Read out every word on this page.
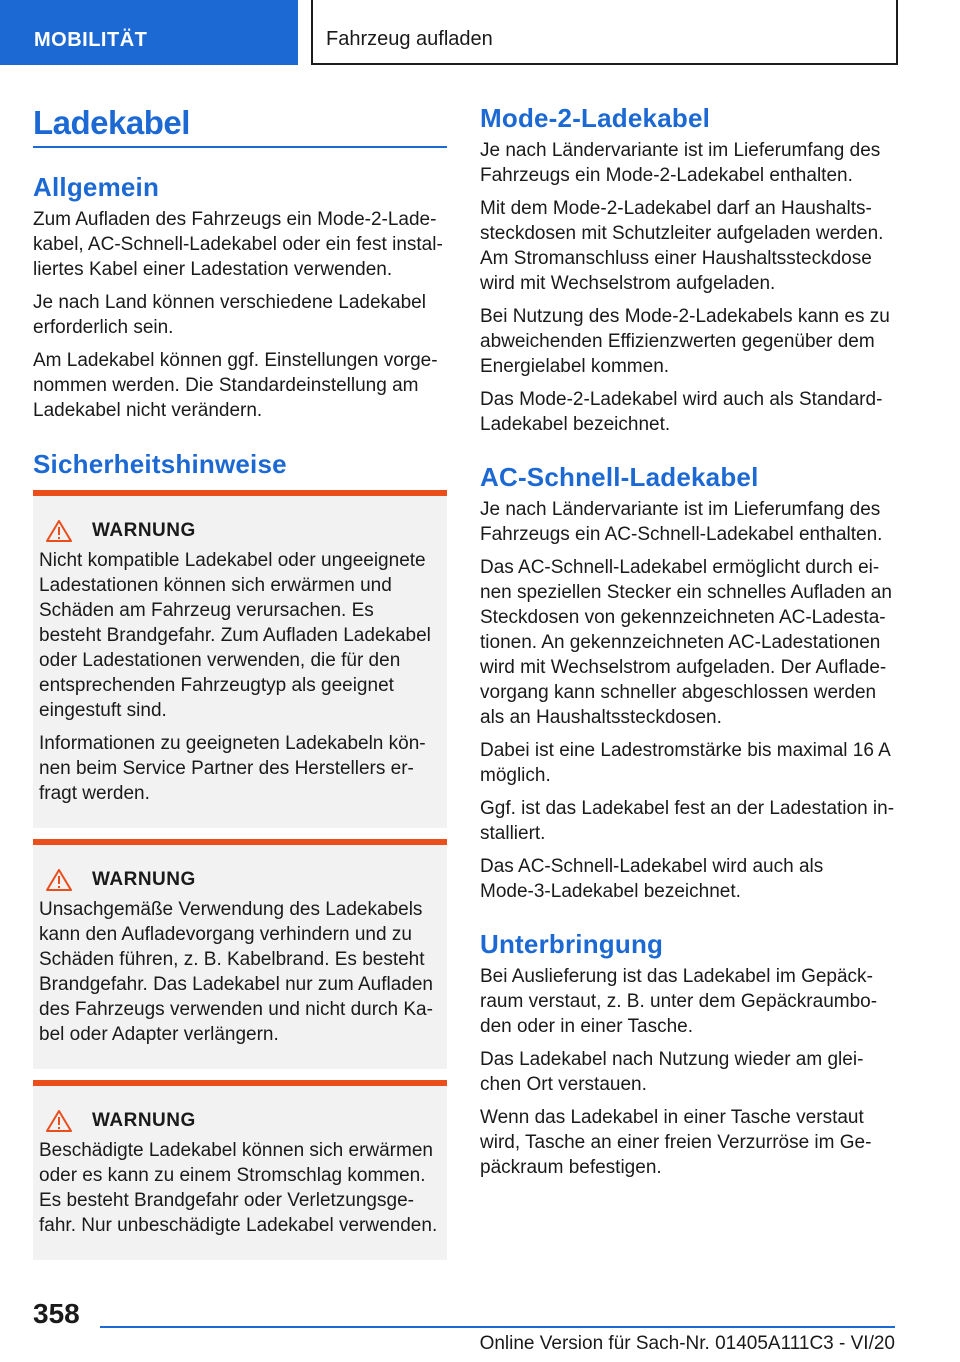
MOBILITÄT	Fahrzeug aufladen
Ladekabel
Allgemein

Zum Aufladen des Fahrzeugs ein Mode‑2‑Ladekabel, AC‑Schnell‑Ladekabel oder ein fest installiertes Kabel einer Ladestation verwenden.

Je nach Land können verschiedene Ladekabel erforderlich sein.

Am Ladekabel können ggf. Einstellungen vorgenommen werden. Die Standardeinstellung am Ladekabel nicht verändern.

Sicherheitshinweise
WARNUNG

Nicht kompatible Ladekabel oder ungeeignete Ladestationen können sich erwärmen und Schäden am Fahrzeug verursachen. Es besteht Brandgefahr. Zum Aufladen Ladekabel oder Ladestationen verwenden, die für den entsprechenden Fahrzeugtyp als geeignet eingestuft sind.

Informationen zu geeigneten Ladekabeln können beim Service Partner des Herstellers erfragt werden.

WARNUNG

Unsachgemäße Verwendung des Ladekabels kann den Aufladevorgang verhindern und zu Schäden führen, z. B. Kabelbrand. Es besteht Brandgefahr. Das Ladekabel nur zum Aufladen des Fahrzeugs verwenden und nicht durch Kabel oder Adapter verlängern.

WARNUNG

Beschädigte Ladekabel können sich erwärmen oder es kann zu einem Stromschlag kommen. Es besteht Brandgefahr oder Verletzungsgefahr. Nur unbeschädigte Ladekabel verwenden.

Mode‑2‑Ladekabel

Je nach Ländervariante ist im Lieferumfang des Fahrzeugs ein Mode‑2‑Ladekabel enthalten.

Mit dem Mode‑2‑Ladekabel darf an Haushaltssteckdosen mit Schutzleiter aufgeladen werden. Am Stromanschluss einer Haushaltssteckdose wird mit Wechselstrom aufgeladen.

Bei Nutzung des Mode‑2‑Ladekabels kann es zu abweichenden Effizienzwerten gegenüber dem Energielabel kommen.

Das Mode‑2‑Ladekabel wird auch als StandardLadekabel bezeichnet.

AC‑Schnell‑Ladekabel

Je nach Ländervariante ist im Lieferumfang des Fahrzeugs ein AC‑Schnell‑Ladekabel enthalten.

Das AC‑Schnell‑Ladekabel ermöglicht durch einen speziellen Stecker ein schnelles Aufladen an Steckdosen von gekennzeichneten AC‑Ladestationen. An gekennzeichneten AC‑Ladestationen wird mit Wechselstrom aufgeladen. Der Aufladevorgang kann schneller abgeschlossen werden als an Haushaltssteckdosen.

Dabei ist eine Ladestromstärke bis maximal 16 A möglich.

Ggf. ist das Ladekabel fest an der Ladestation installiert.

Das AC‑Schnell‑Ladekabel wird auch als Mode‑3‑Ladekabel bezeichnet.

Unterbringung

Bei Auslieferung ist das Ladekabel im Gepäckraum verstaut, z. B. unter dem Gepäckraumboden oder in einer Tasche.

Das Ladekabel nach Nutzung wieder am gleichen Ort verstauen.

Wenn das Ladekabel in einer Tasche verstaut wird, Tasche an einer freien Verzurröse im Gepäckraum befestigen.

358
Online Version für Sach-Nr. 01405A111C3 - VI/20
